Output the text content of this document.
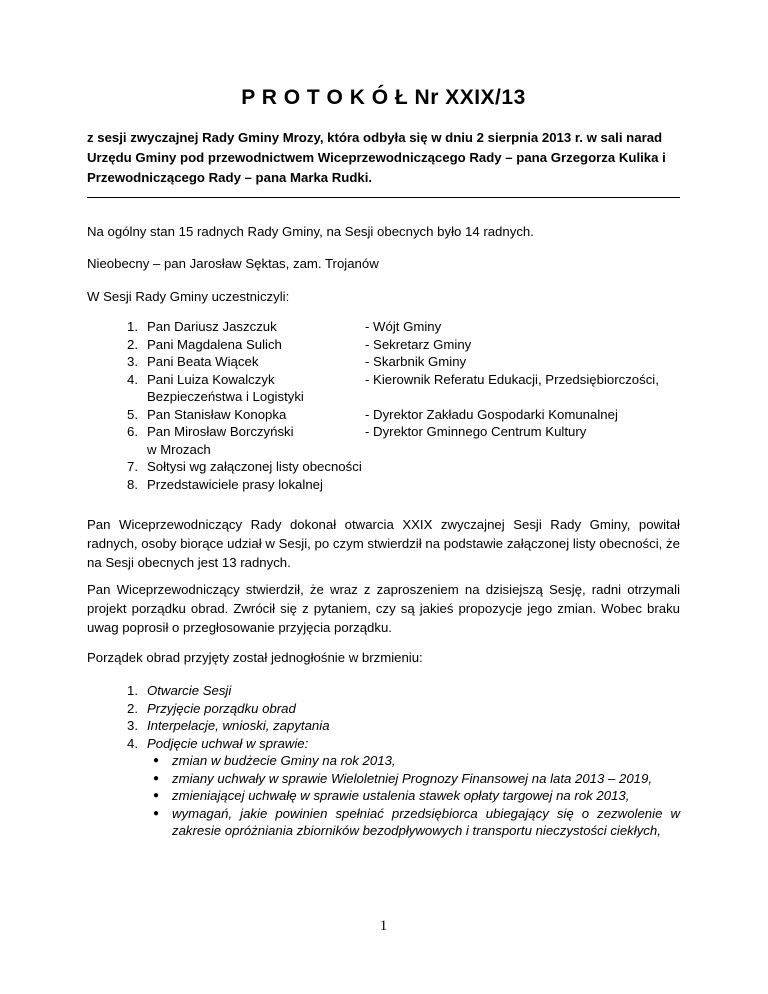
P R O T O K Ó Ł Nr XXIX/13

z sesji zwyczajnej Rady Gminy Mrozy, która odbyła się w dniu 2 sierpnia 2013 r. w sali narad Urzędu Gminy pod przewodnictwem Wiceprzewodniczącego Rady – pana Grzegorza Kulika i Przewodniczącego Rady – pana Marka Rudki.

Na ogólny stan 15 radnych Rady Gminy, na Sesji obecnych było 14 radnych.

Nieobecny – pan Jarosław Sęktas, zam. Trojanów

W Sesji Rady Gminy uczestniczyli:

1. Pan Dariusz Jaszczuk	- Wójt Gminy
2. Pani Magdalena Sulich	- Sekretarz Gminy
3. Pani Beata Wiącek	- Skarbnik Gminy
4. Pani Luiza Kowalczyk	- Kierownik Referatu Edukacji, Przedsiębiorczości,

Bezpieczeństwa i Logistyki
5. Pan Stanisław Konopka	- Dyrektor Zakładu Gospodarki Komunalnej
6. Pan Mirosław Borczyński	- Dyrektor Gminnego Centrum Kultury

w Mrozach
7. Sołtysi wg załączonej listy obecności
8. Przedstawiciele prasy lokalnej

Pan Wiceprzewodniczący Rady dokonał otwarcia XXIX zwyczajnej Sesji Rady Gminy, powitał radnych, osoby biorące udział w Sesji, po czym stwierdził na podstawie załączonej listy obecności, że na Sesji obecnych jest 13 radnych.

Pan Wiceprzewodniczący stwierdził, że wraz z zaproszeniem na dzisiejszą Sesję, radni otrzymali projekt porządku obrad. Zwrócił się z pytaniem, czy są jakieś propozycje jego zmian. Wobec braku uwag poprosił o przegłosowanie przyjęcia porządku.

Porządek obrad przyjęty został jednogłośnie w brzmieniu:

1. Otwarcie Sesji
2. Przyjęcie porządku obrad
3. Interpelacje, wnioski, zapytania
4. Podjęcie uchwał w sprawie:
● zmian w budżecie Gminy na rok 2013,
● zmiany uchwały w sprawie Wieloletniej Prognozy Finansowej na lata 2013 – 2019,
● zmieniającej uchwałę w sprawie ustalenia stawek opłaty targowej na rok 2013,
● wymagań, jakie powinien spełniać przedsiębiorca ubiegający się o zezwolenie w zakresie opróżniania zbiorników bezodpływowych i transportu nieczystości ciekłych,
1
